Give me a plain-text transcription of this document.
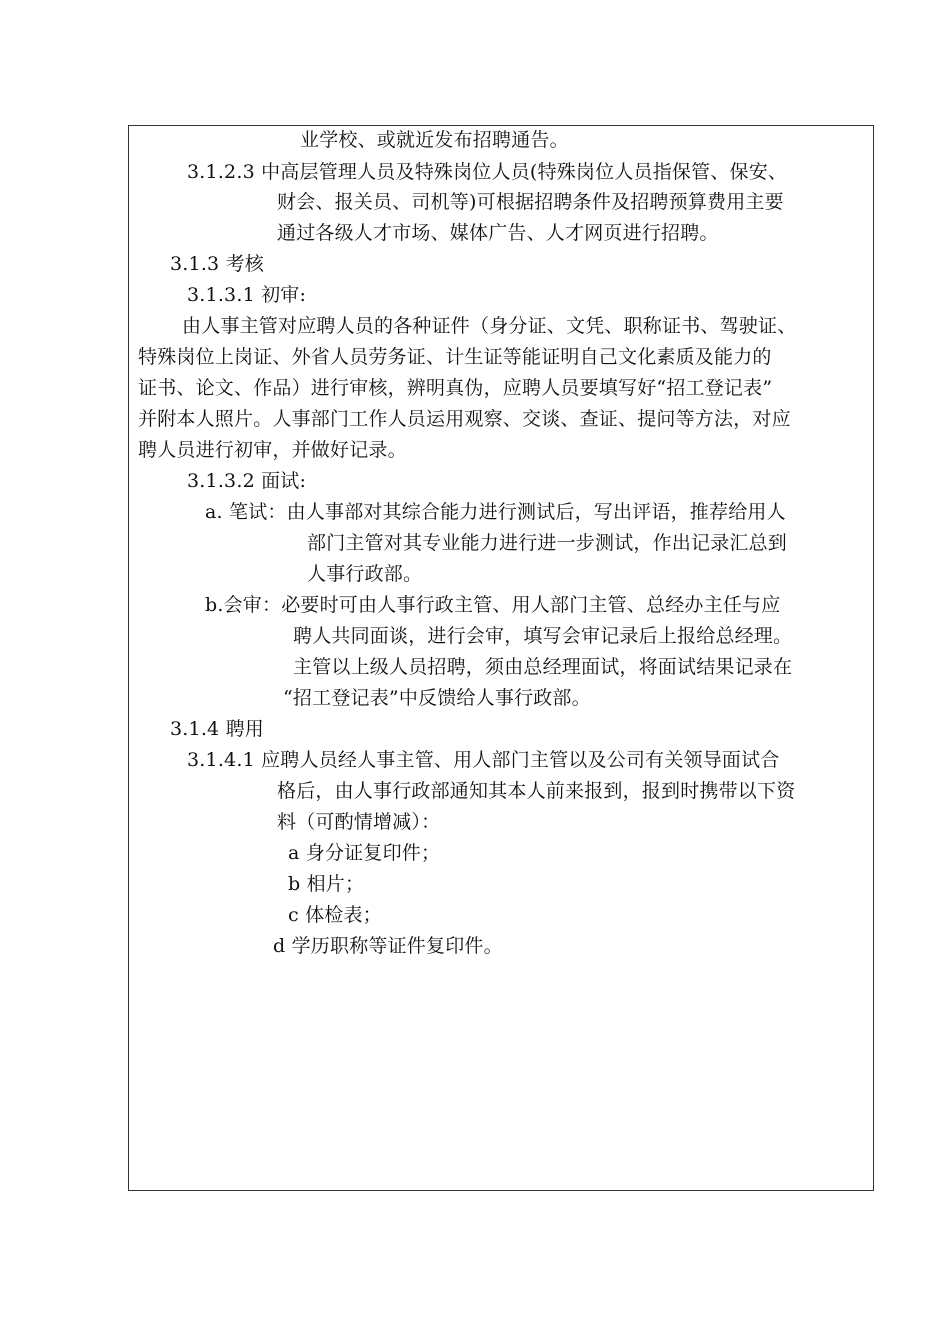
业学校、或就近发布招聘通告。
3.1.2.3 中高层管理人员及特殊岗位人员(特殊岗位人员指保管、保安、
财会、报关员、司机等)可根据招聘条件及招聘预算费用主要
通过各级人才市场、媒体广告、人才网页进行招聘。
3.1.3 考核
3.1.3.1 初审:
由人事主管对应聘人员的各种证件（身分证、文凭、职称证书、驾驶证、
特殊岗位上岗证、外省人员劳务证、计生证等能证明自己文化素质及能力的
证书、论文、作品）进行审核，辨明真伪，应聘人员要填写好“招工登记表”
并附本人照片。人事部门工作人员运用观察、交谈、查证、提问等方法，对应
聘人员进行初审，并做好记录。
3.1.3.2 面试:
a. 笔试：由人事部对其综合能力进行测试后，写出评语，推荐给用人
部门主管对其专业能力进行进一步测试，作出记录汇总到
人事行政部。
b.会审：必要时可由人事行政主管、用人部门主管、总经办主任与应
聘人共同面谈，进行会审，填写会审记录后上报给总经理。
主管以上级人员招聘，须由总经理面试，将面试结果记录在
“招工登记表”中反馈给人事行政部。
3.1.4 聘用
3.1.4.1 应聘人员经人事主管、用人部门主管以及公司有关领导面试合
格后，由人事行政部通知其本人前来报到，报到时携带以下资
料（可酌情增减）：
a 身分证复印件；
b 相片；
c 体检表；
d 学历职称等证件复印件。
